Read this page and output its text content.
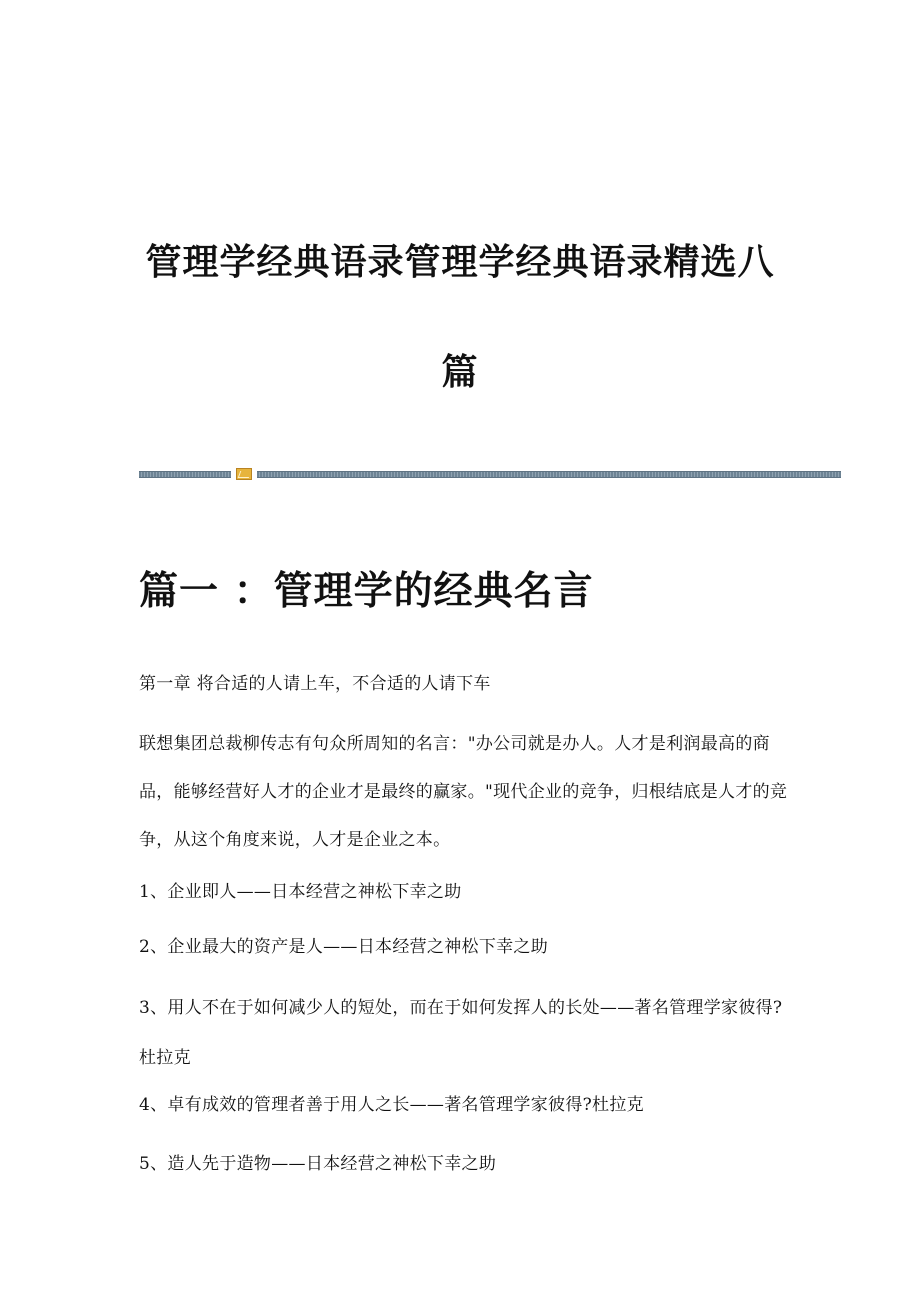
管理学经典语录管理学经典语录精选八篇
篇一 ：管理学的经典名言

第一章 将合适的人请上车，不合适的人请下车

联想集团总裁柳传志有句众所周知的名言："办公司就是办人。人才是利润最高的商品，能够经营好人才的企业才是最终的赢家。"现代企业的竞争，归根结底是人才的竞争，从这个角度来说，人才是企业之本。

1、企业即人——日本经营之神松下幸之助

2、企业最大的资产是人——日本经营之神松下幸之助

3、用人不在于如何减少人的短处，而在于如何发挥人的长处——著名管理学家彼得?杜拉克

4、卓有成效的管理者善于用人之长——著名管理学家彼得?杜拉克

5、造人先于造物——日本经营之神松下幸之助
